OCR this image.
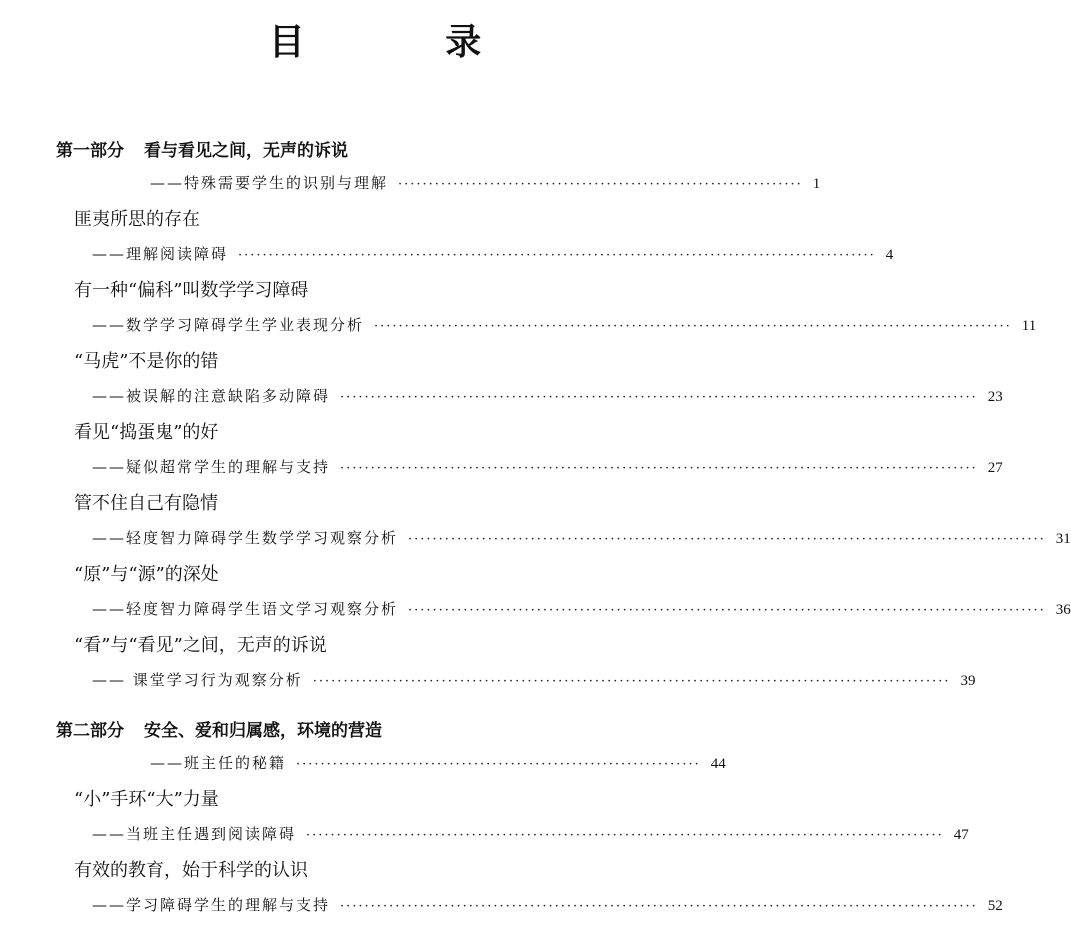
目 录
第一部分 看与看见之间，无声的诉说
——特殊需要学生的识别与理解 ·································································· 1
匪夷所思的存在
——理解阅读障碍 ········································································································ 4
有一种“偏科”叫数学学习障碍
——数学学习障碍学生学业表现分析 ········································································································ 11
“马虎”不是你的错
——被误解的注意缺陷多动障碍 ········································································································ 23
看见“捣蛋鬼”的好
——疑似超常学生的理解与支持 ········································································································ 27
管不住自己有隐情
——轻度智力障碍学生数学学习观察分析 ········································································································ 31
“原”与“源”的深处
——轻度智力障碍学生语文学习观察分析 ········································································································ 36
“看”与“看见”之间，无声的诉说
—— 课堂学习行为观察分析 ········································································································ 39
第二部分 安全、爱和归属感，环境的营造
——班主任的秘籍 ·································································· 44
“小”手环“大”力量
——当班主任遇到阅读障碍 ········································································································ 47
有效的教育，始于科学的认识
——学习障碍学生的理解与支持 ········································································································ 52
